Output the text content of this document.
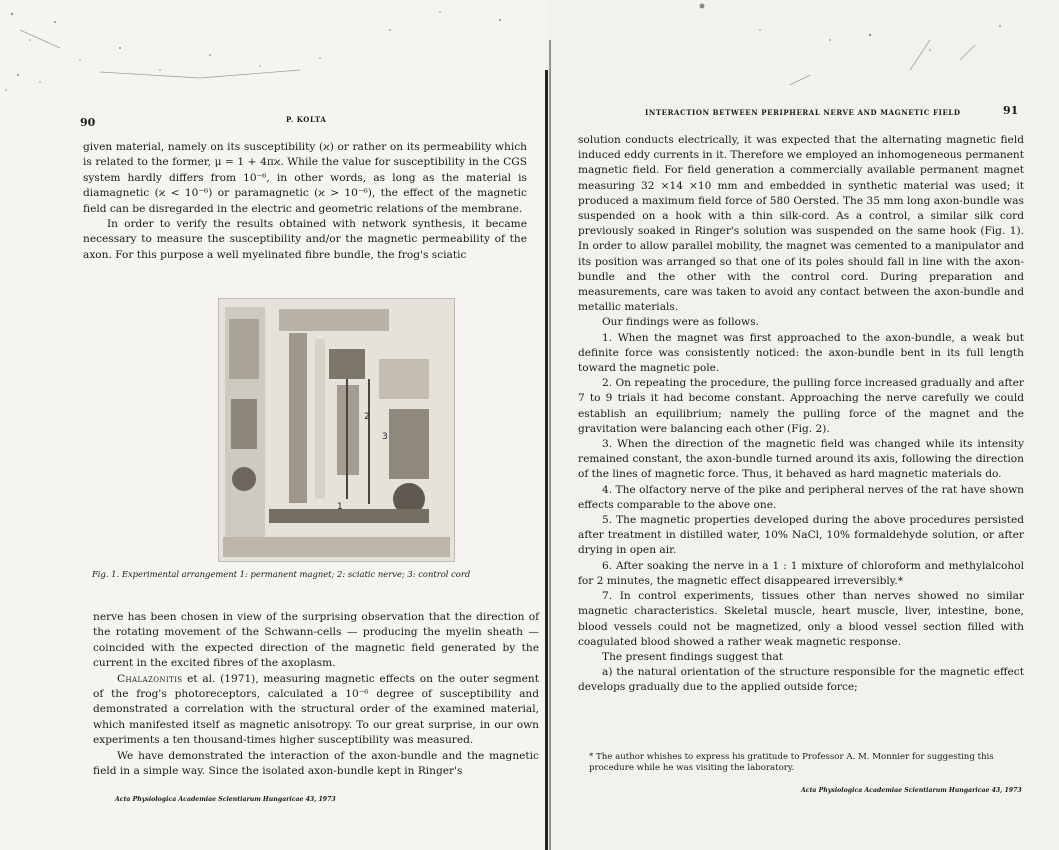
90	P. KOLTA

given material, namely on its susceptibility (ϰ) or rather on its permeability which is related to the former, μ = 1 + 4πϰ. While the value for susceptibility in the CGS system hardly differs from 10⁻⁶, in other words, as long as the material is diamagnetic (ϰ < 10⁻⁶) or paramagnetic (ϰ > 10⁻⁶), the effect of the magnetic field can be disregarded in the electric and geometric relations of the membrane.

In order to verify the results obtained with network synthesis, it became necessary to measure the susceptibility and/or the magnetic permeability of the axon. For this purpose a well myelinated fibre bundle, the frog's sciatic

2
3
1
Fig. 1. Experimental arrangement 1: permanent magnet; 2: sciatic nerve; 3: control cord

nerve has been chosen in view of the surprising observation that the direction of the rotating movement of the Schwann-cells — producing the myelin sheath — coincided with the expected direction of the magnetic field generated by the current in the excited fibres of the axoplasm.

Chalazonitis et al. (1971), measuring magnetic effects on the outer segment of the frog's photoreceptors, calculated a 10⁻⁶ degree of susceptibility and demonstrated a correlation with the structural order of the examined material, which manifested itself as magnetic anisotropy. To our great surprise, in our own experiments a ten thousand-times higher susceptibility was measured.

We have demonstrated the interaction of the axon-bundle and the magnetic field in a simple way. Since the isolated axon-bundle kept in Ringer's

Acta Physiologica Academiae Scientiarum Hungaricae 43, 1973
INTERACTION BETWEEN PERIPHERAL NERVE AND MAGNETIC FIELD	91

solution conducts electrically, it was expected that the alternating magnetic field induced eddy currents in it. Therefore we employed an inhomogeneous permanent magnetic field. For field generation a commercially available permanent magnet measuring 32 ×14 ×10 mm and embedded in synthetic material was used; it produced a maximum field force of 580 Oersted. The 35 mm long axon-bundle was suspended on a hook with a thin silk-cord. As a control, a similar silk cord previously soaked in Ringer's solution was suspended on the same hook (Fig. 1). In order to allow parallel mobility, the magnet was cemented to a manipulator and its position was arranged so that one of its poles should fall in line with the axon-bundle and the other with the control cord. During preparation and measurements, care was taken to avoid any contact between the axon-bundle and metallic materials.

Our findings were as follows.

1. When the magnet was first approached to the axon-bundle, a weak but definite force was consistently noticed: the axon-bundle bent in its full length toward the magnetic pole.

2. On repeating the procedure, the pulling force increased gradually and after 7 to 9 trials it had become constant. Approaching the nerve carefully we could establish an equilibrium; namely the pulling force of the magnet and the gravitation were balancing each other (Fig. 2).

3. When the direction of the magnetic field was changed while its intensity remained constant, the axon-bundle turned around its axis, following the direction of the lines of magnetic force. Thus, it behaved as hard magnetic materials do.

4. The olfactory nerve of the pike and peripheral nerves of the rat have shown effects comparable to the above one.

5. The magnetic properties developed during the above procedures persisted after treatment in distilled water, 10% NaCl, 10% formaldehyde solution, or after drying in open air.

6. After soaking the nerve in a 1 : 1 mixture of chloroform and methylalcohol for 2 minutes, the magnetic effect disappeared irreversibly.*

7. In control experiments, tissues other than nerves showed no similar magnetic characteristics. Skeletal muscle, heart muscle, liver, intestine, bone, blood vessels could not be magnetized, only a blood vessel section filled with coagulated blood showed a rather weak magnetic response.

The present findings suggest that

a) the natural orientation of the structure responsible for the magnetic effect develops gradually due to the applied outside force;

* The author whishes to express his gratitude to Professor A. M. Monnier for suggesting this procedure while he was visiting the laboratory.
Acta Physiologica Academiae Scientiarum Hungaricae 43, 1973
